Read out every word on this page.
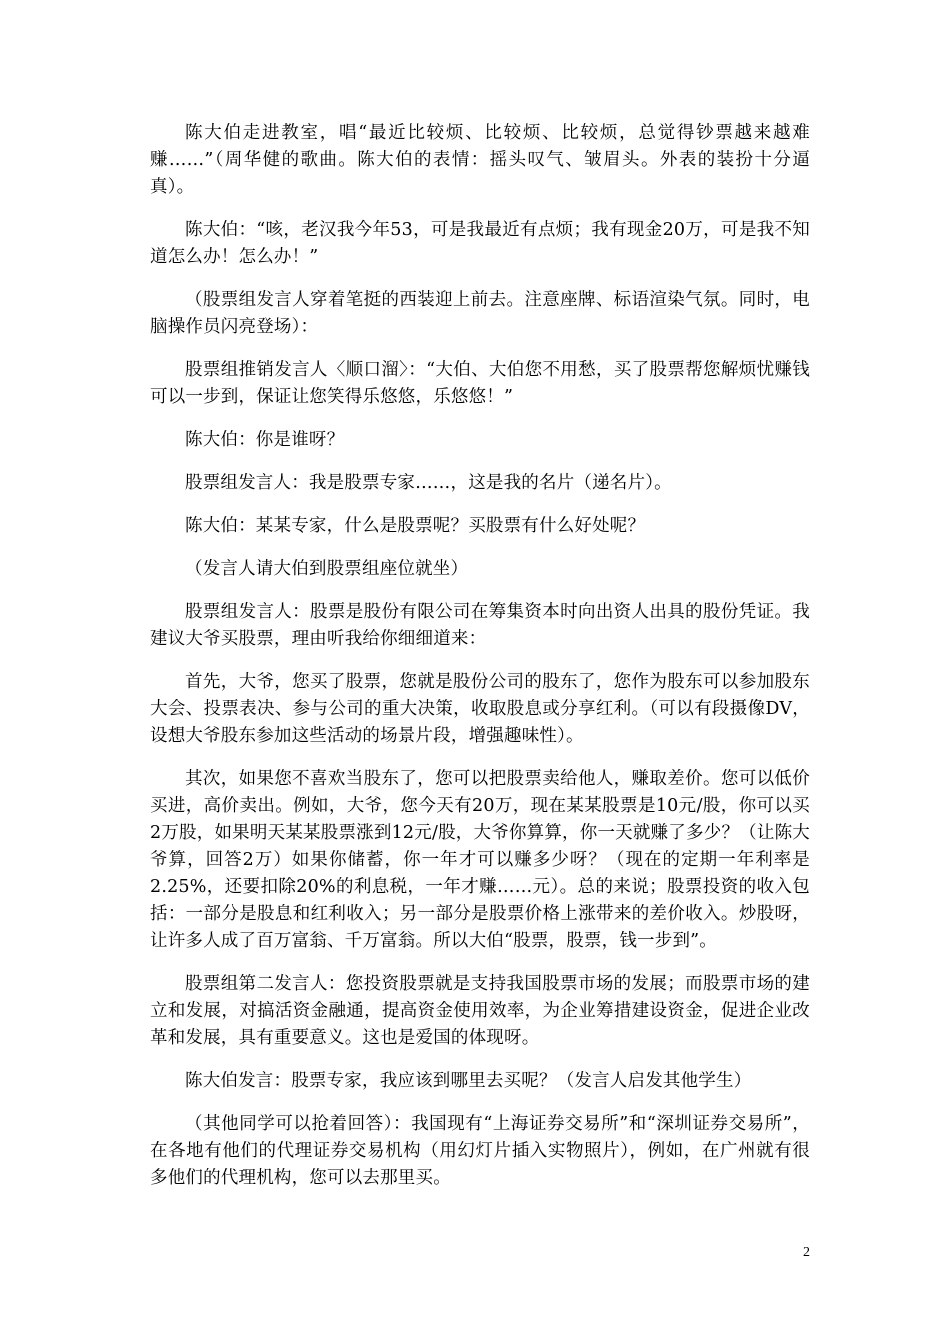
陈大伯走进教室，唱“最近比较烦、比较烦、比较烦，总觉得钞票越来越难赚……”（周华健的歌曲。陈大伯的表情：摇头叹气、皱眉头。外表的装扮十分逼真）。

陈大伯：“咳，老汉我今年53，可是我最近有点烦；我有现金20万，可是我不知道怎么办！怎么办！”

（股票组发言人穿着笔挺的西装迎上前去。注意座牌、标语渲染气氛。同时，电脑操作员闪亮登场）：

股票组推销发言人〈顺口溜〉：“大伯、大伯您不用愁，买了股票帮您解烦忧赚钱可以一步到，保证让您笑得乐悠悠，乐悠悠！”

陈大伯：你是谁呀？

股票组发言人：我是股票专家……，这是我的名片（递名片）。

陈大伯：某某专家，什么是股票呢？买股票有什么好处呢？

（发言人请大伯到股票组座位就坐）

股票组发言人：股票是股份有限公司在筹集资本时向出资人出具的股份凭证。我建议大爷买股票，理由听我给你细细道来：

首先，大爷，您买了股票，您就是股份公司的股东了，您作为股东可以参加股东大会、投票表决、参与公司的重大决策，收取股息或分享红利。（可以有段摄像DV，设想大爷股东参加这些活动的场景片段，增强趣味性）。

其次，如果您不喜欢当股东了，您可以把股票卖给他人，赚取差价。您可以低价买进，高价卖出。例如，大爷，您今天有20万，现在某某股票是10元/股，你可以买2万股，如果明天某某股票涨到12元/股，大爷你算算，你一天就赚了多少？（让陈大爷算，回答2万）如果你储蓄，你一年才可以赚多少呀？（现在的定期一年利率是2.25%，还要扣除20%的利息税，一年才赚……元）。总的来说；股票投资的收入包括：一部分是股息和红利收入；另一部分是股票价格上涨带来的差价收入。炒股呀，让许多人成了百万富翁、千万富翁。所以大伯“股票，股票，钱一步到”。

股票组第二发言人：您投资股票就是支持我国股票市场的发展；而股票市场的建立和发展，对搞活资金融通，提高资金使用效率，为企业筹措建设资金，促进企业改革和发展，具有重要意义。这也是爱国的体现呀。

陈大伯发言：股票专家，我应该到哪里去买呢？（发言人启发其他学生）

（其他同学可以抢着回答）：我国现有“上海证券交易所”和“深圳证券交易所”，在各地有他们的代理证券交易机构（用幻灯片插入实物照片），例如，在广州就有很多他们的代理机构，您可以去那里买。

2
